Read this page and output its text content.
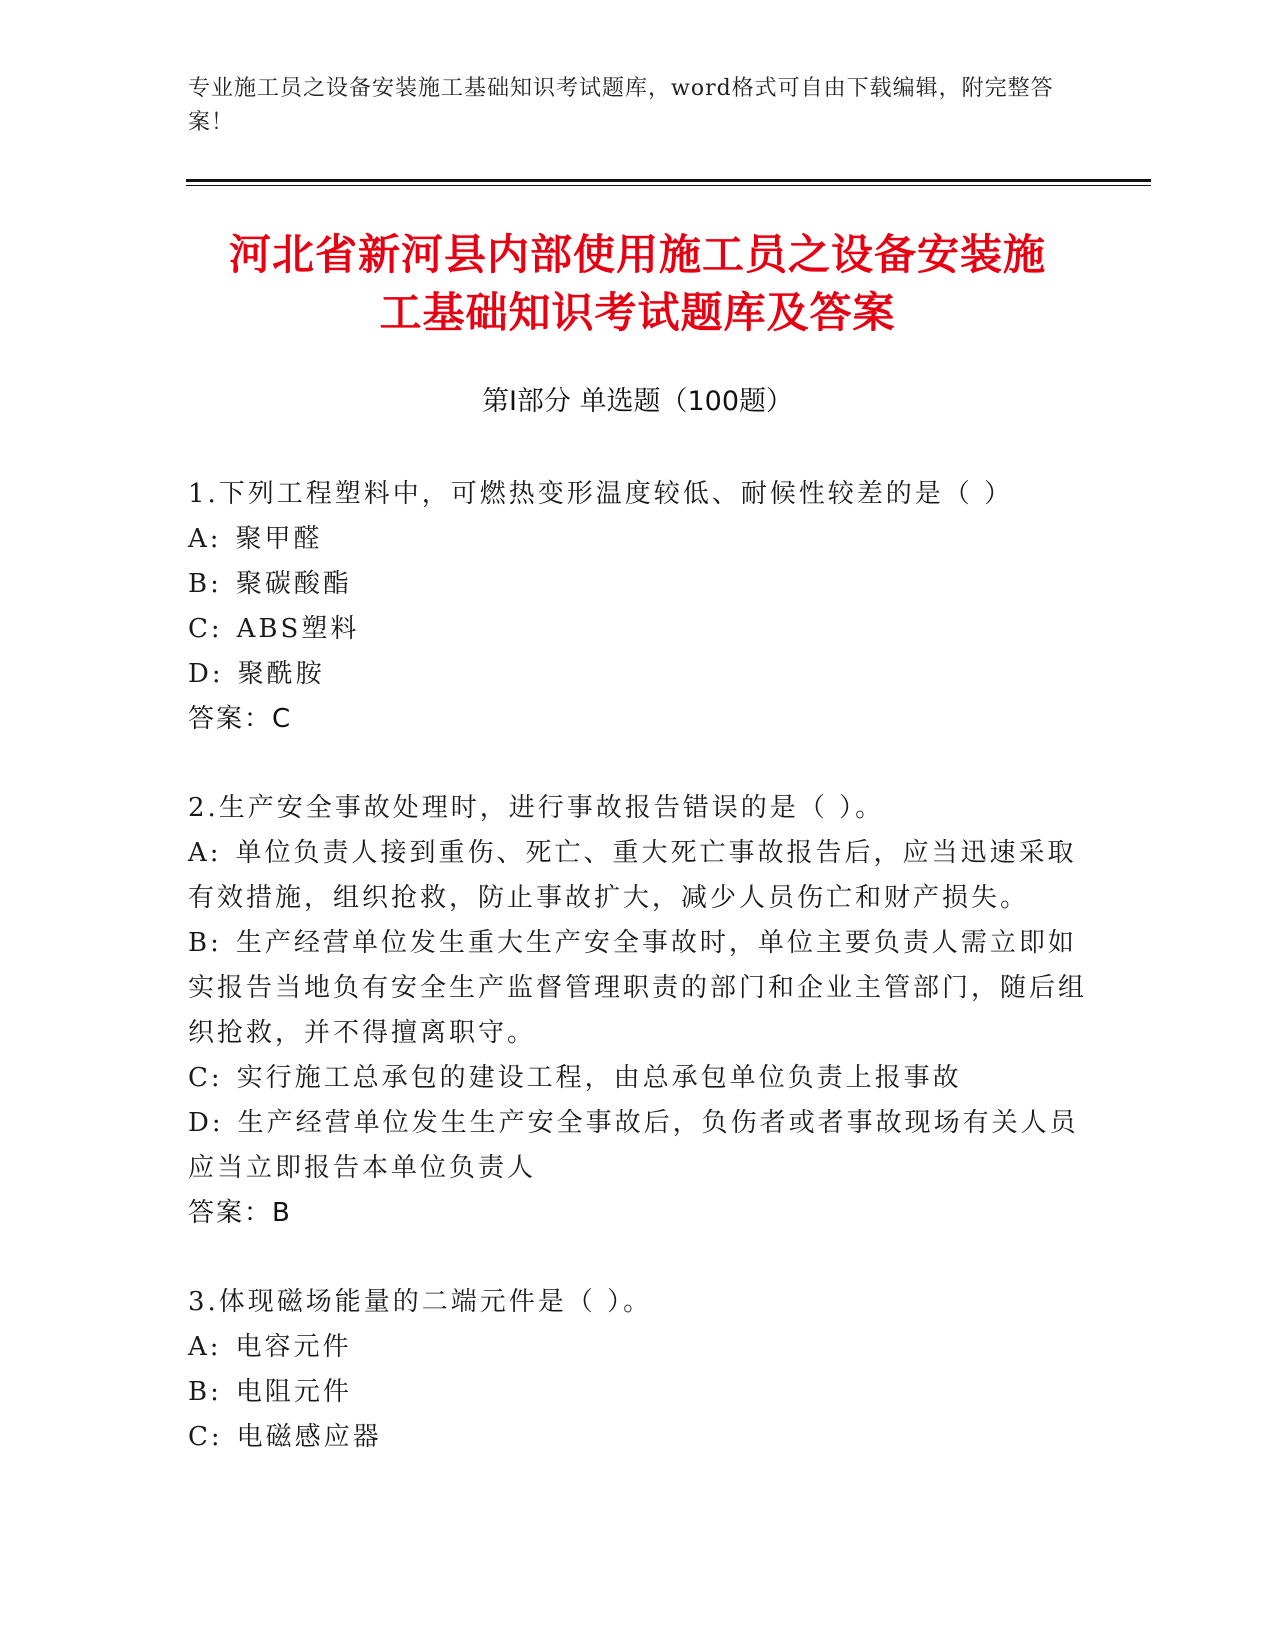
专业施工员之设备安装施工基础知识考试题库，word格式可自由下载编辑，附完整答案！
河北省新河县内部使用施工员之设备安装施
工基础知识考试题库及答案
第Ⅰ部分 单选题（100题）
1.下列工程塑料中，可燃热变形温度较低、耐候性较差的是（ ）
A: 聚甲醛
B: 聚碳酸酯
C: ABS塑料
D: 聚酰胺
答案：C
2.生产安全事故处理时，进行事故报告错误的是（ ）。
A: 单位负责人接到重伤、死亡、重大死亡事故报告后，应当迅速采取有效措施，组织抢救，防止事故扩大，减少人员伤亡和财产损失。
B: 生产经营单位发生重大生产安全事故时，单位主要负责人需立即如实报告当地负有安全生产监督管理职责的部门和企业主管部门，随后组织抢救，并不得擅离职守。
C: 实行施工总承包的建设工程，由总承包单位负责上报事故
D: 生产经营单位发生生产安全事故后，负伤者或者事故现场有关人员应当立即报告本单位负责人
答案：B
3.体现磁场能量的二端元件是（ ）。
A: 电容元件
B: 电阻元件
C: 电磁感应器
